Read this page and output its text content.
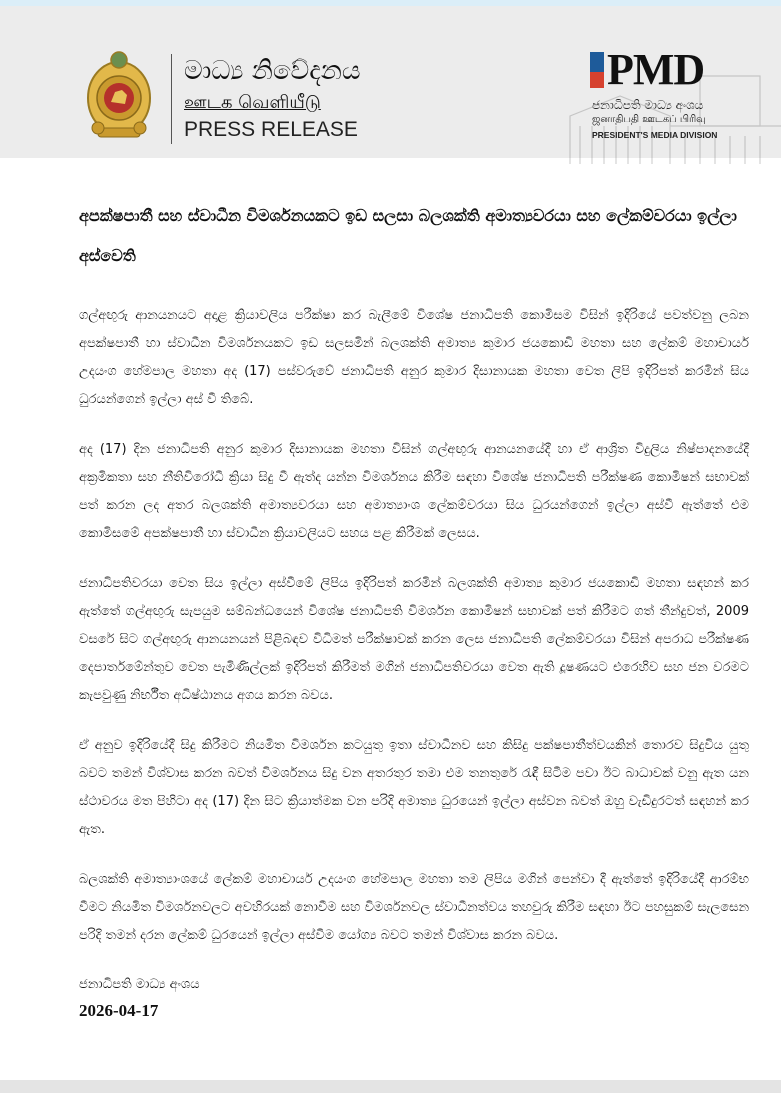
මාධ්‍ය නිවේදනය
ஊடக வெளியீடு
PRESS RELEASE
PMD
ජනාධිපති මාධ්‍ය අංශය
ஜனாதிபதி ஊடகப் பிரிவு
PRESIDENT'S MEDIA DIVISION
අපක්ෂපාතී සහ ස්වාධීන විමර්ශනයකට ඉඩ සලසා බලශක්ති අමාත්‍යවරයා සහ ලේකම්වරයා ඉල්ලා අස්වෙති

ගල්අඟුරු ආනයනයට අදාළ ක්‍රියාවලිය පරීක්ෂා කර බැලීමේ විශේෂ ජනාධිපති කොමිසම විසින් ඉදිරියේ පවත්වනු ලබන අපක්ෂපාතී හා ස්වාධීන විමර්ශනයකට ඉඩ සලසමින් බලශක්ති අමාත්‍ය කුමාර ජයකොඩි මහතා සහ ලේකම් මහාචාර්ය උදයංග හේමපාල මහතා අද (17) පස්වරුවේ ජනාධිපති අනුර කුමාර දිසානායක මහතා වෙත ලිපි ඉදිරිපත් කරමින් සිය ධුරයන්ගෙන් ඉල්ලා අස් වී තිබේ.

අද (17) දින ජනාධිපති අනුර කුමාර දිසානායක මහතා විසින් ගල්අඟුරු ආනයනයේදී හා ඒ ආශ්‍රිත විදුලිය නිෂ්පාදනයේදී අක්‍රමිකතා සහ නීතිවිරෝධී ක්‍රියා සිදු වී ඇත්ද යන්න විමර්ශනය කිරීම සඳහා විශේෂ ජනාධිපති පරීක්ෂණ කොමිෂන් සභාවක් පත් කරන ලද අතර බලශක්ති අමාත්‍යවරයා සහ අමාත්‍යාංශ ලේකම්වරයා සිය ධුරයන්ගෙන් ඉල්ලා අස්වී ඇත්තේ එම කොමිසමේ අපක්ෂපාතී හා ස්වාධීන ක්‍රියාවලියට සහය පළ කිරීමක් ලෙසය.

ජනාධිපතිවරයා වෙත සිය ඉල්ලා අස්වීමේ ලිපිය ඉදිරිපත් කරමින් බලශක්ති අමාත්‍ය කුමාර ජයකොඩි මහතා සඳහන් කර ඇත්තේ ගල්අඟුරු සැපයුම සම්බන්ධයෙන් විශේෂ ජනාධිපති විමර්ශන කොමිෂන් සභාවක් පත් කිරීමට ගත් තීන්දුවත්, 2009 වසරේ සිට ගල්අඟුරු ආනයනයන් පිළිබඳව විධිමත් පරීක්ෂාවක් කරන ලෙස ජනාධිපති ලේකම්වරයා විසින් අපරාධ පරීක්ෂණ දෙපාර්තමේන්තුව වෙත පැමිණිල්ලක් ඉදිරිපත් කිරීමත් මගින් ජනාධිපතිවරයා වෙත ඇති දූෂණයට එරෙහිව සහ ජන වරමට කැපවුණු නිර්භීත අධිෂ්ඨානය අගය කරන බවය.

ඒ අනුව ඉදිරියේදී සිදු කිරීමට නියමිත විමර්ශන කටයුතු ඉතා ස්වාධීනව සහ කිසිදු පක්ෂපාතීත්වයකින් තොරව සිදුවිය යුතු බවට තමන් විශ්වාස කරන බවත් විමර්ශනය සිදු වන අතරතුර තමා එම තනතුරේ රැඳී සිටීම පවා ඊට බාධාවක් වනු ඇත යන ස්ථාවරය මත පිහිටා අද (17) දින සිට ක්‍රියාත්මක වන පරිදි අමාත්‍ය ධුරයෙන් ඉල්ලා අස්වන බවත් ඔහු වැඩිදුරටත් සඳහන් කර ඇත.

බලශක්ති අමාත්‍යාංශයේ ලේකම් මහාචාර්ය උදයංග හේමපාල මහතා තම ලිපිය මගින් පෙන්වා දී ඇත්තේ ඉදිරියේදී ආරම්භ වීමට නියමිත විමර්ශනවලට අවහිරයක් නොවීම සහ විමර්ශනවල ස්වාධීනත්වය තහවුරු කිරීම සඳහා ඊට පහසුකම් සැලසෙන පරිදි තමන් දරන ලේකම් ධුරයෙන් ඉල්ලා අස්වීම යෝග්‍ය බවට තමන් විශ්වාස කරන බවය.

ජනාධිපති මාධ්‍ය අංශය
2026-04-17
